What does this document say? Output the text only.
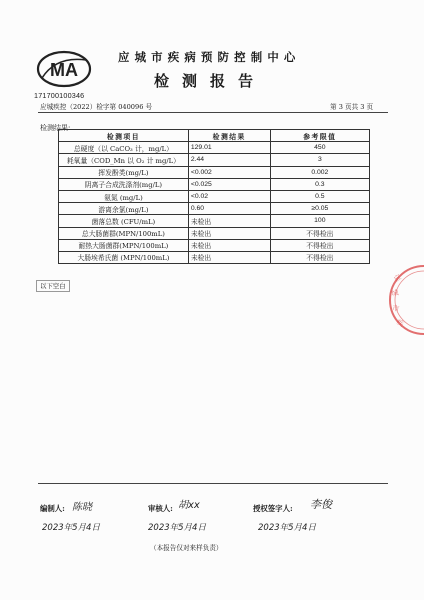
MA
171700100346
应城市疾病预防控制中心
检测报告
应城疾控（2022）检字第 040096 号	第 3 页共 3 页
检测结果:
检测项目	检测结果	参考限值
总硬度（以 CaCO₃ 计，mg/L）	129.01	450
耗氧量（COD_Mn 以 O₂ 计 mg/L）	2.44	3
挥发酚类(mg/L)	<0.002	0.002
阴离子合成洗涤剂(mg/L)	<0.025	0.3
氨氮 (mg/L)	<0.02	0.5
游离余氯(mg/L)	0.60	≥0.05
菌落总数 (CFU/mL)	未检出	100
总大肠菌群(MPN/100mL)	未检出	不得检出
耐热大肠菌群(MPN/100mL)	未检出	不得检出
大肠埃希氏菌 (MPN/100mL)	未检出	不得检出
以下空白
应
城
市
疾
编制人: 陈晓	审核人: 胡xx	授权签字人: 李俊
2023年5月4日	2023年5月4日	2023年5月4日
（本报告仅对来样负责）
